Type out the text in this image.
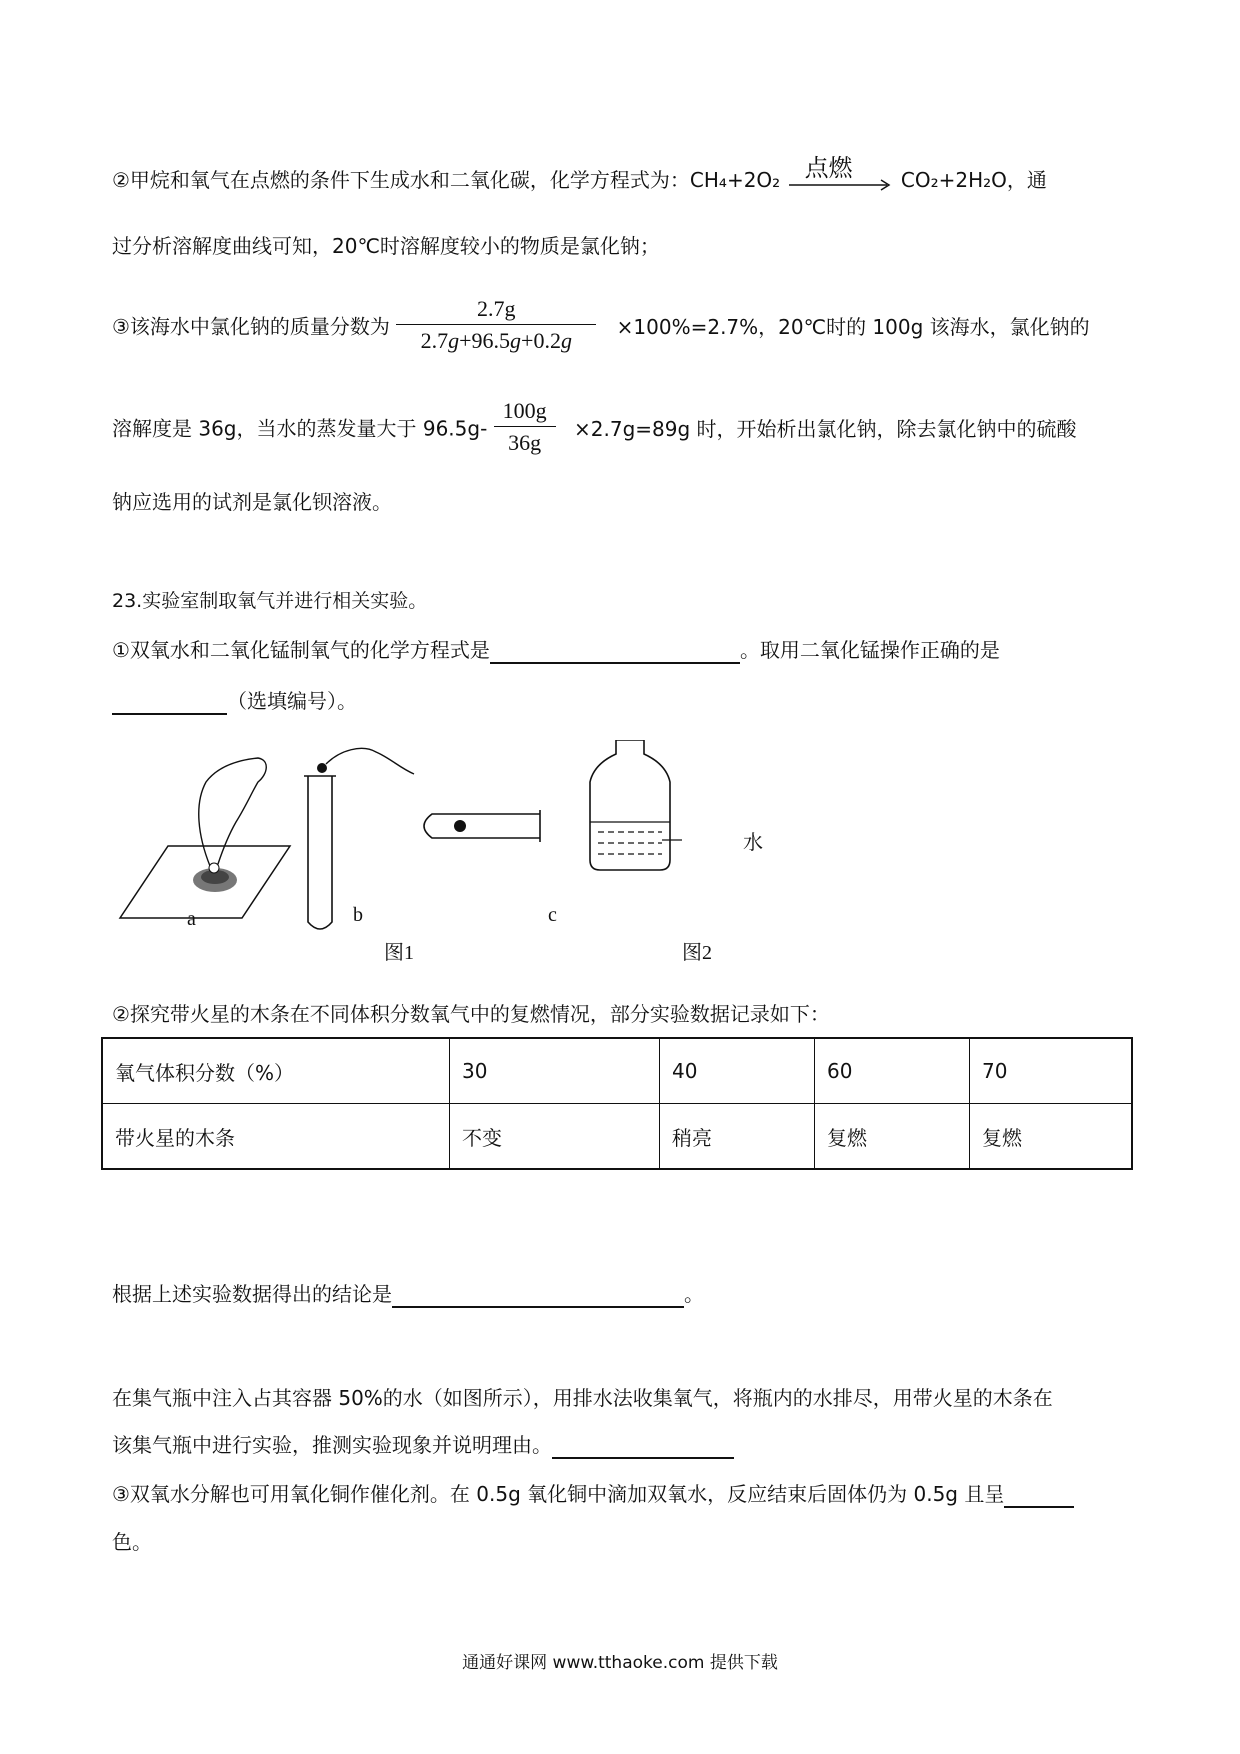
②甲烷和氧气在点燃的条件下生成水和二氧化碳，化学方程式为：CH₄+2O₂ 点燃 CO₂+2H₂O，通
过分析溶解度曲线可知，20℃时溶解度较小的物质是氯化钠；
③该海水中氯化钠的质量分数为 $\frac{2.7g}{2.7g+96.5g+0.2g} \times 100\%=2.7\%$，20℃时的 100g 该海水，氯化钠的
溶解度是 36g，当水的蒸发量大于 $96.5g- \frac{100g}{36g} \times 2.7g=89g$ 时，开始析出氯化钠，除去氯化钠中的硫酸
钠应选用的试剂是氯化钡溶液。
23.实验室制取氧气并进行相关实验。
①双氧水和二氧化锰制氧气的化学方程式是	。取用二氧化锰操作正确的是
（选填编号）。
a	b	c
水
图1	图2
②探究带火星的木条在不同体积分数氧气中的复燃情况，部分实验数据记录如下：
氧气体积分数（%）	30	40	60	70
带火星的木条	不变	稍亮	复燃	复燃
根据上述实验数据得出的结论是	。
在集气瓶中注入占其容器 50%的水（如图所示），用排水法收集氧气，将瓶内的水排尽，用带火星的木条在
该集气瓶中进行实验，推测实验现象并说明理由。
③双氧水分解也可用氧化铜作催化剂。在 0.5g 氧化铜中滴加双氧水，反应结束后固体仍为 0.5g 且呈
色。
通通好课网 www.tthaoke.com 提供下载
